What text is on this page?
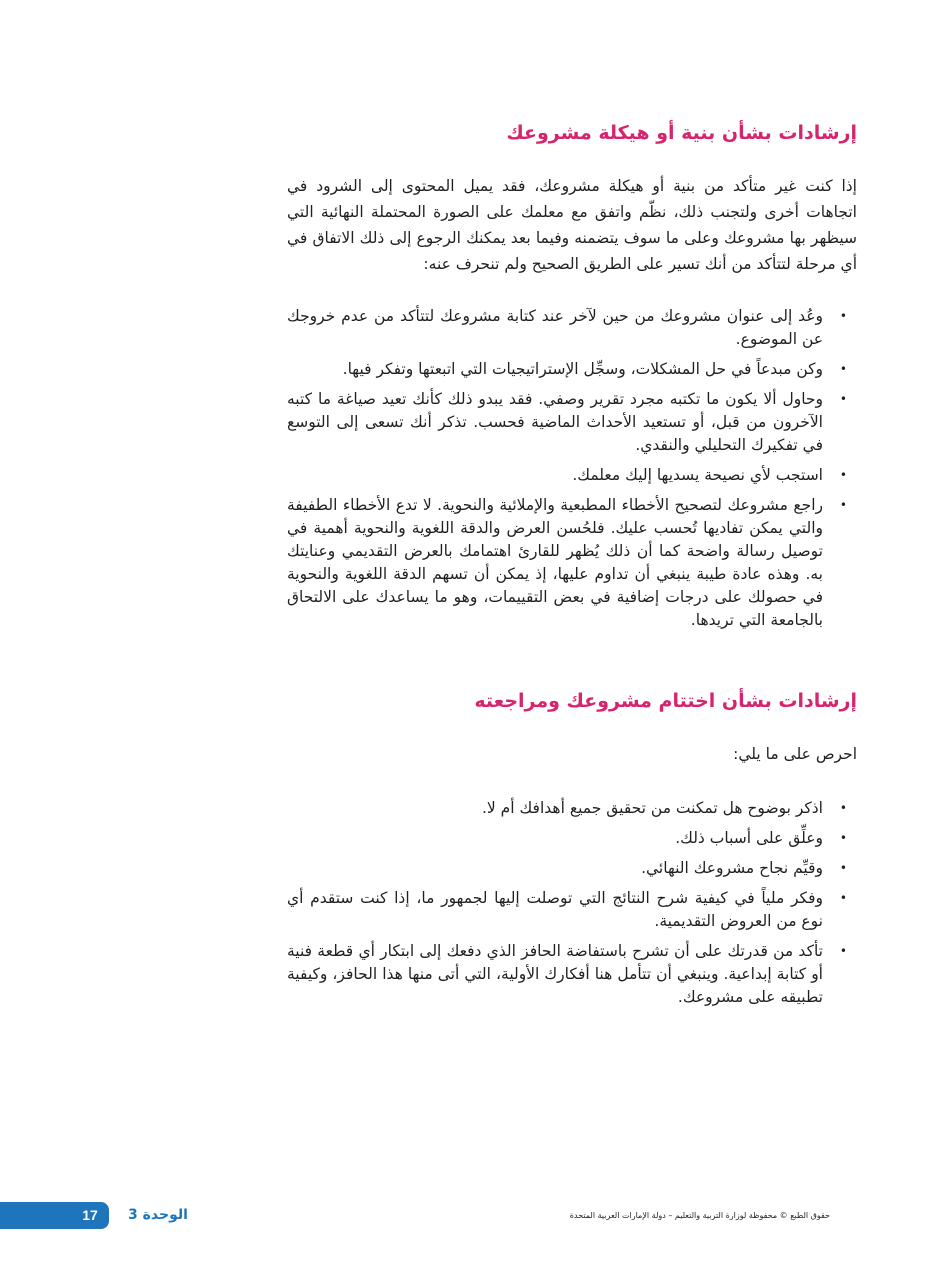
إرشادات بشأن بنية أو هيكلة مشروعك

إذا كنت غير متأكد من بنية أو هيكلة مشروعك، فقد يميل المحتوى إلى الشرود في اتجاهات أخرى ولتجنب ذلك، نظّم واتفق مع معلمك على الصورة المحتملة النهائية التي سيظهر بها مشروعك وعلى ما سوف يتضمنه وفيما بعد يمكنك الرجوع إلى ذلك الاتفاق في أي مرحلة لتتأكد من أنك تسير على الطريق الصحيح ولم تنحرف عنه:

•
وعُد إلى عنوان مشروعك من حين لآخر عند كتابة مشروعك لتتأكد من عدم خروجك عن الموضوع.
•
وكن مبدعاً في حل المشكلات، وسجِّل الإستراتيجيات التي اتبعتها وتفكر فيها.
•
وحاول ألا يكون ما تكتبه مجرد تقرير وصفي. فقد يبدو ذلك كأنك تعيد صياغة ما كتبه الآخرون من قبل، أو تستعيد الأحداث الماضية فحسب. تذكر أنك تسعى إلى التوسع في تفكيرك التحليلي والنقدي.
•
استجب لأي نصيحة يسديها إليك معلمك.
•
راجع مشروعك لتصحيح الأخطاء المطبعية والإملائية والنحوية. لا تدع الأخطاء الطفيفة والتي يمكن تفاديها تُحسب عليك. فلحُسن العرض والدقة اللغوية والنحوية أهمية في توصيل رسالة واضحة كما أن ذلك يُظهر للقارئ اهتمامك بالعرض التقديمي وعنايتك به. وهذه عادة طيبة ينبغي أن تداوم عليها، إذ يمكن أن تسهم الدقة اللغوية والنحوية في حصولك على درجات إضافية في بعض التقييمات، وهو ما يساعدك على الالتحاق بالجامعة التي تريدها.
إرشادات بشأن اختتام مشروعك ومراجعته

احرص على ما يلي:

•
اذكر بوضوح هل تمكنت من تحقيق جميع أهدافك أم لا.
•
وعلِّق على أسباب ذلك.
•
وقيِّم نجاح مشروعك النهائي.
•
وفكر ملياً في كيفية شرح النتائج التي توصلت إليها لجمهور ما، إذا كنت ستقدم أي نوع من العروض التقديمية.
•
تأكد من قدرتك على أن تشرح باستفاضة الحافز الذي دفعك إلى ابتكار أي قطعة فنية أو كتابة إبداعية. وينبغي أن تتأمل هنا أفكارك الأولية، التي أتى منها هذا الحافز، وكيفية تطبيقه على مشروعك.
17	الوحدة 3	حقوق الطبع © محفوظة لوزارة التربية والتعليم – دولة الإمارات العربية المتحدة
